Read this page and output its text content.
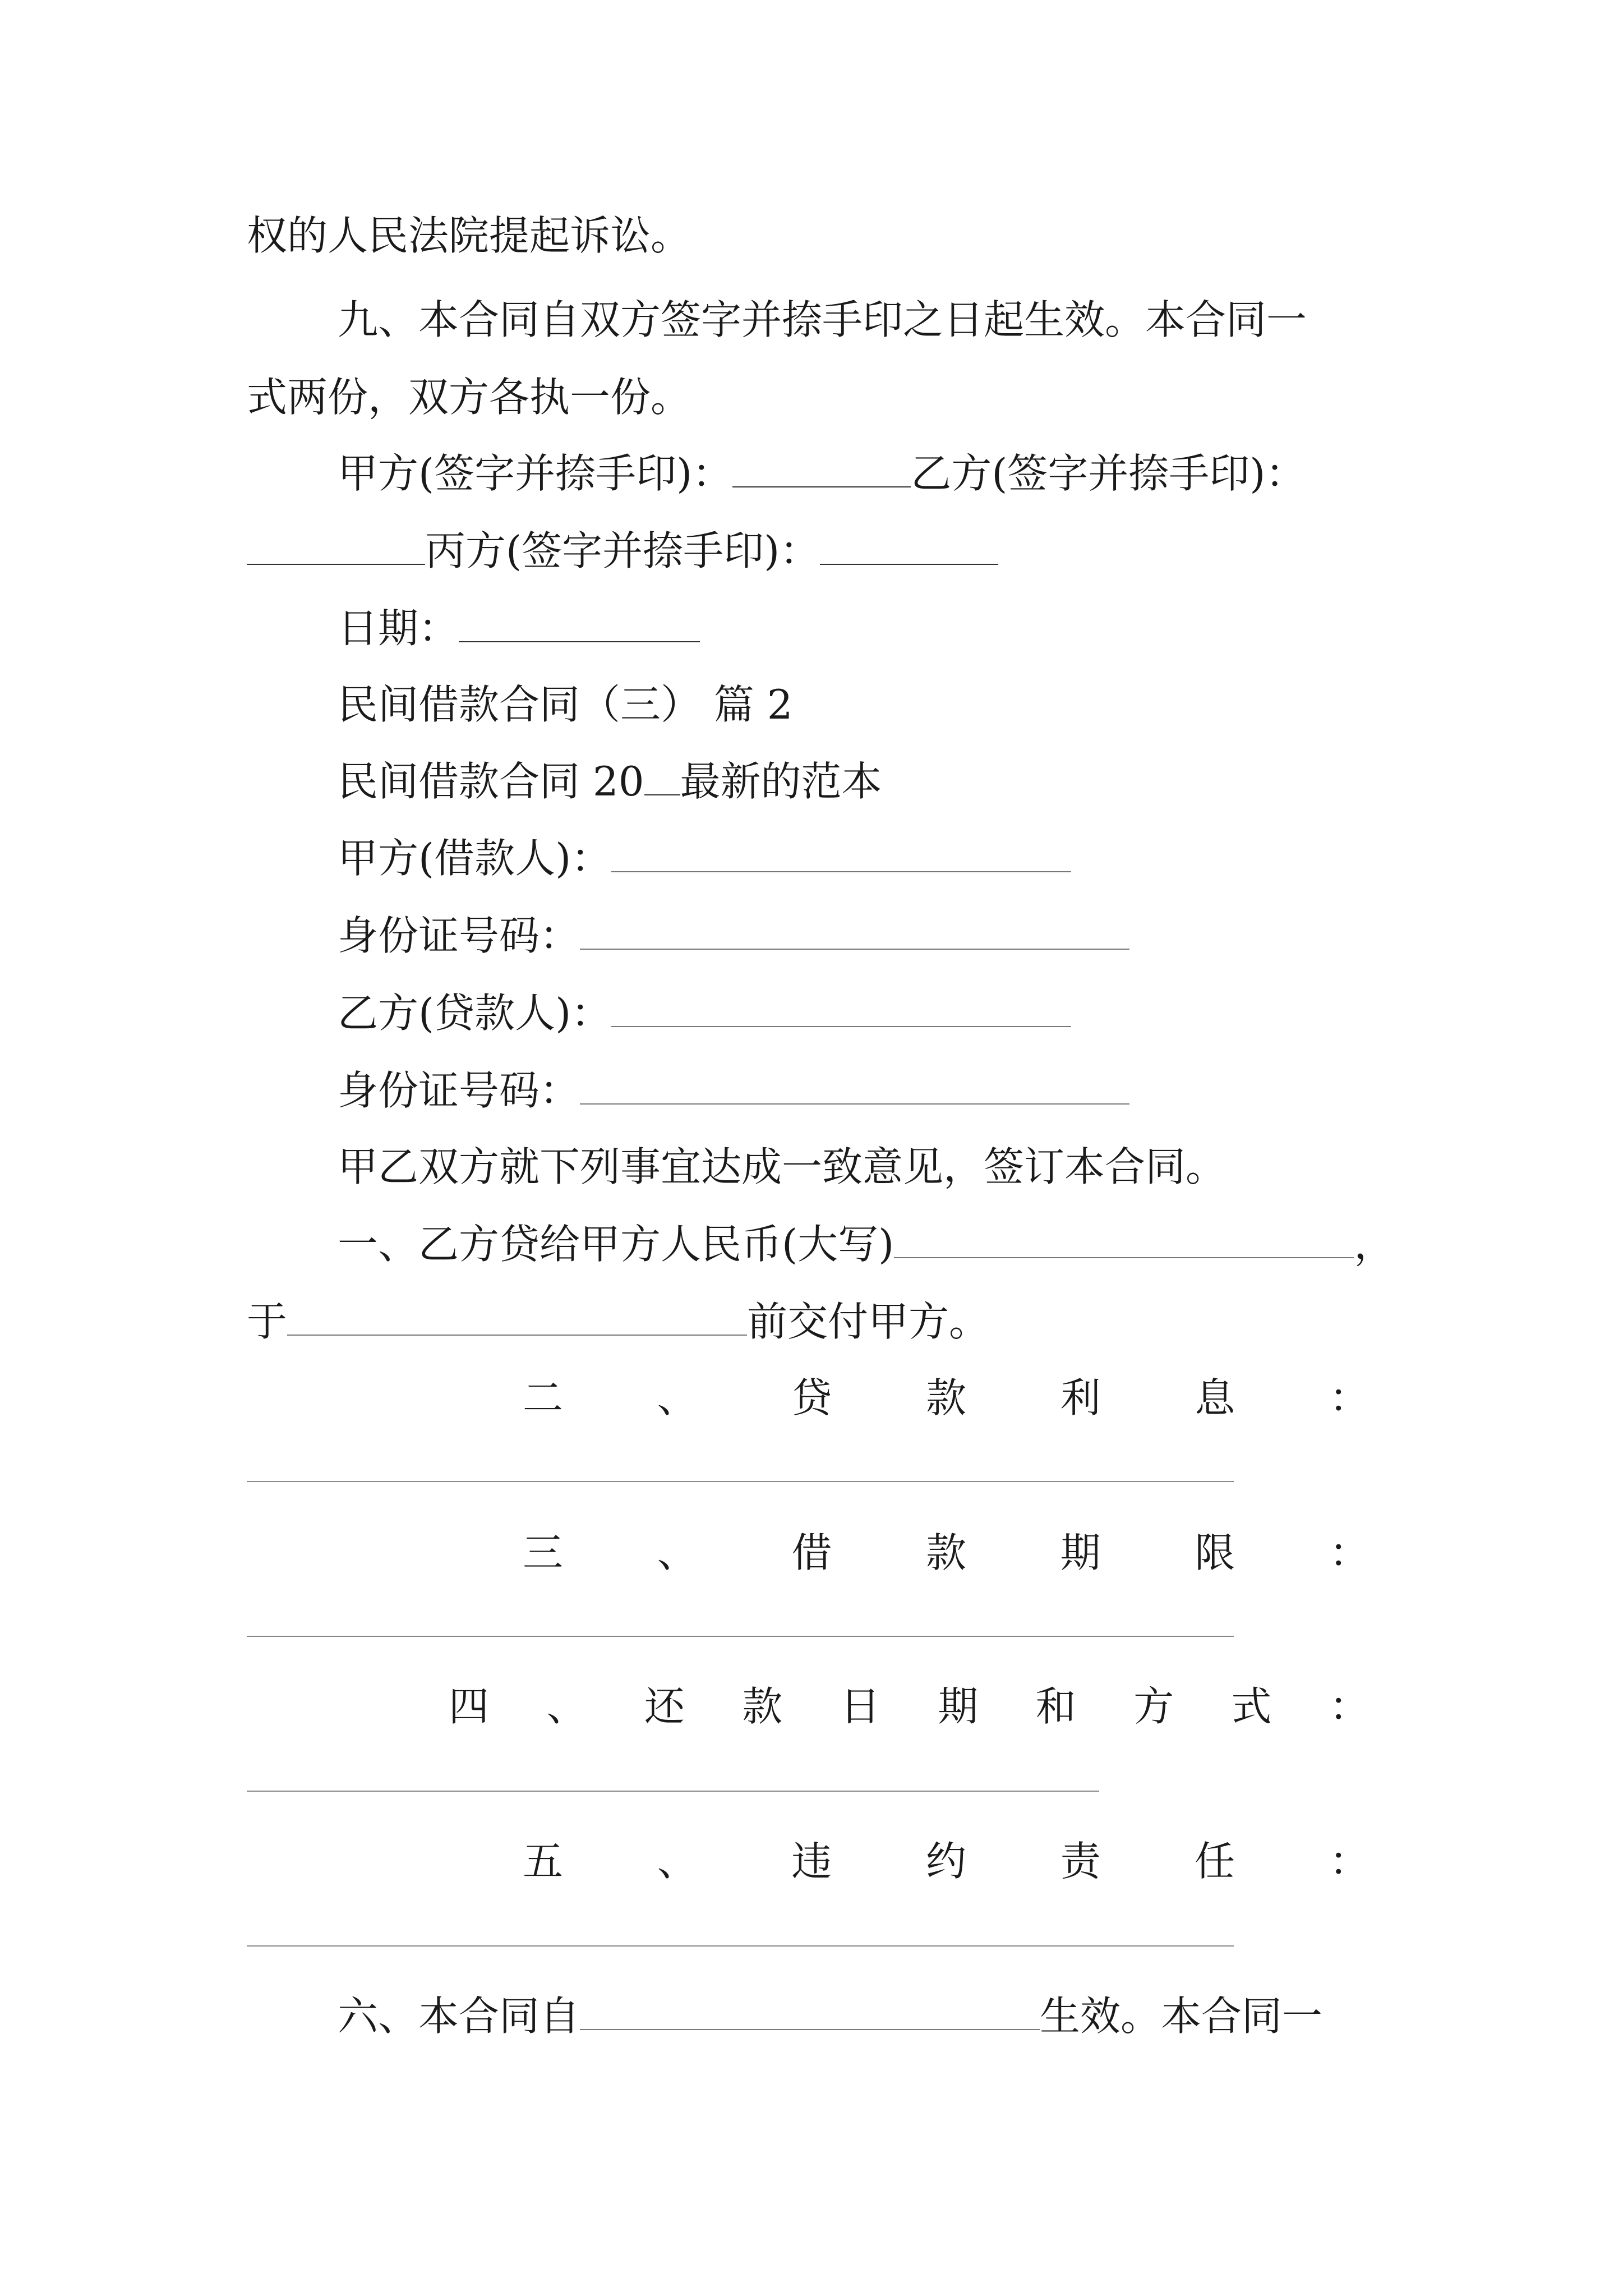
权的人民法院提起诉讼。
九、本合同自双方签字并捺手印之日起生效。本合同一
式两份，双方各执一份。
甲方(签字并捺手印)：	乙方(签字并捺手印)：
丙方(签字并捺手印)：
日期：
民间借款合同（三） 篇 2
民间借款合同 20 最新的范本
甲方(借款人)：
身份证号码：
乙方(贷款人)：
身份证号码：
甲乙双方就下列事宜达成一致意见，签订本合同。
一、乙方贷给甲方人民币(大写)	，
于	前交付甲方。
二 、 贷 款 利 息 ：
三 、 借 款 期 限 ：
四 、 还 款 日 期 和 方 式 ：
五 、 违 约 责 任 ：
六、本合同自	生效。本合同一
